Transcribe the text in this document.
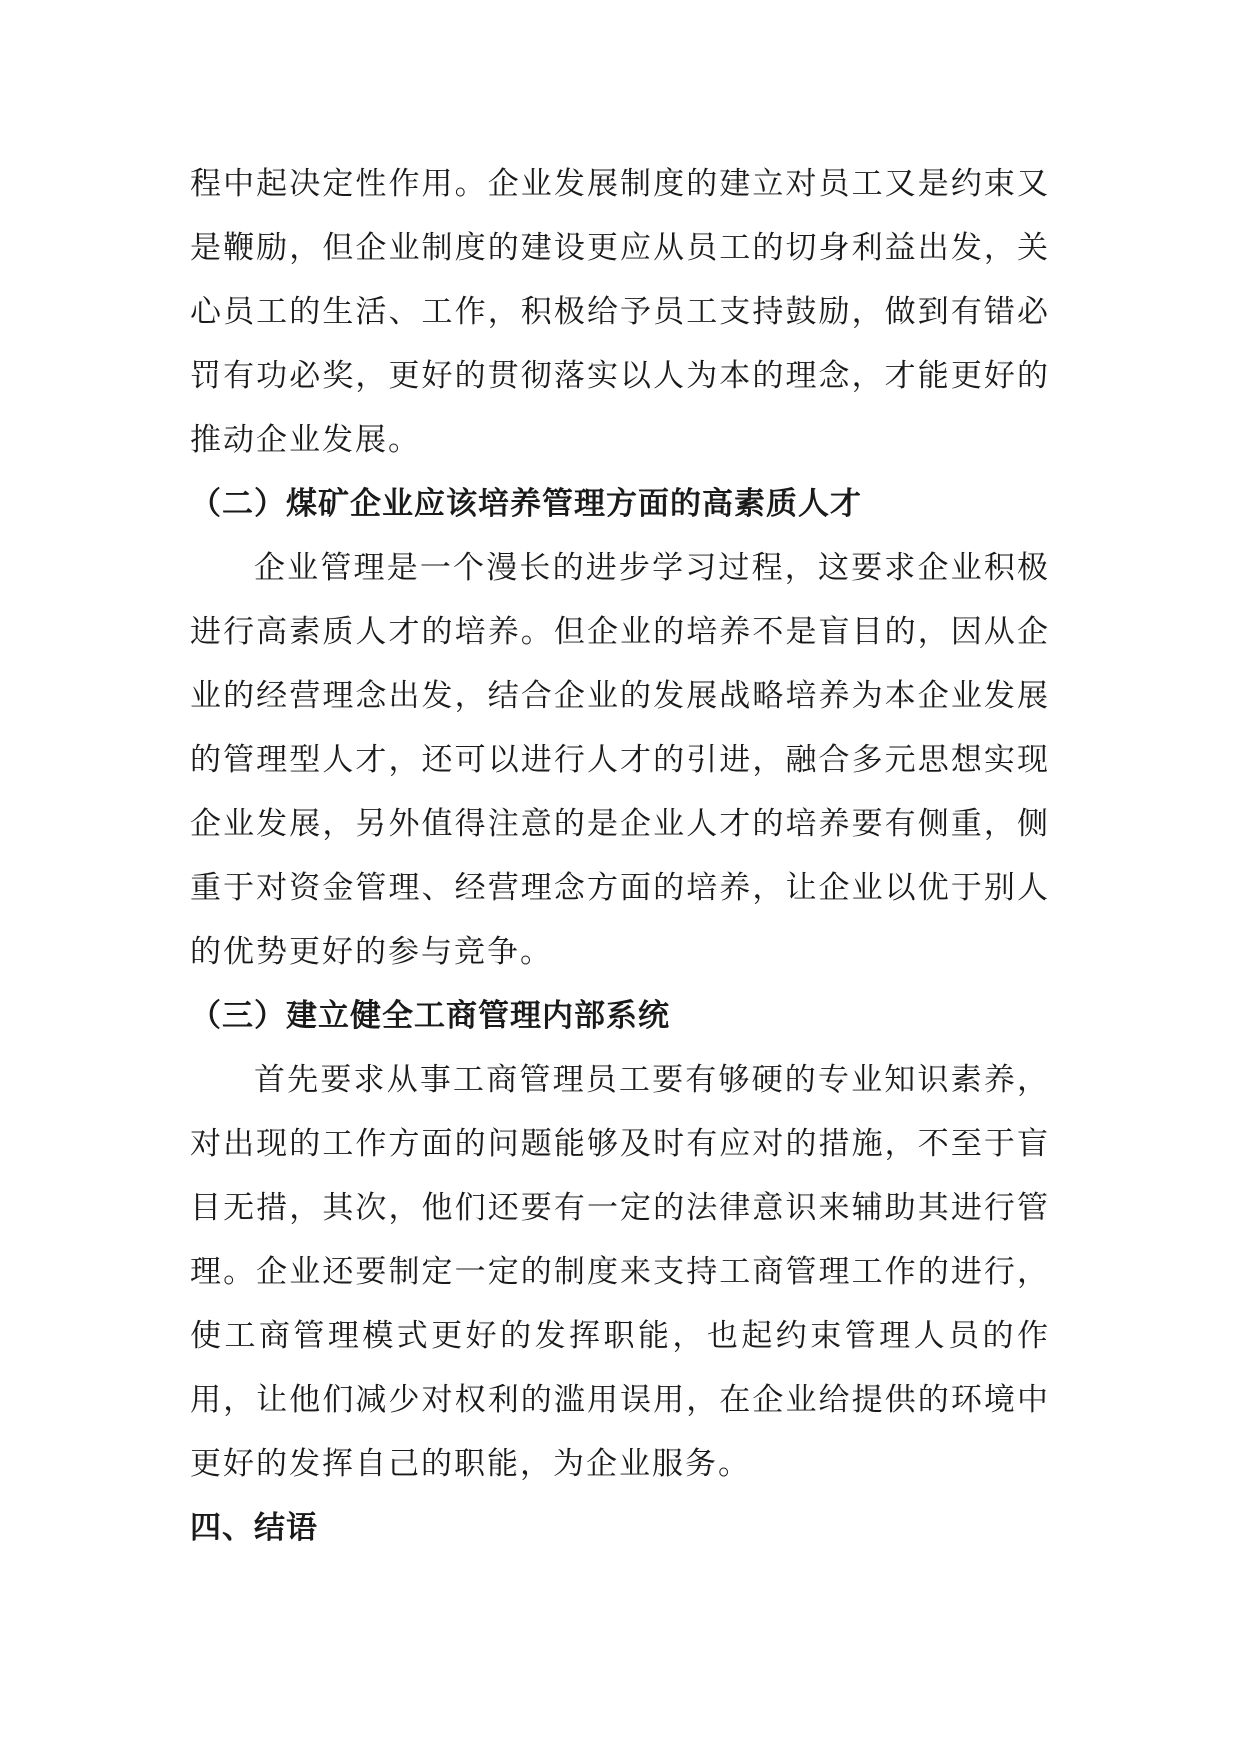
程中起决定性作用。企业发展制度的建立对员工又是约束又是鞭励，但企业制度的建设更应从员工的切身利益出发，关心员工的生活、工作，积极给予员工支持鼓励，做到有错必罚有功必奖，更好的贯彻落实以人为本的理念，才能更好的推动企业发展。

（二）煤矿企业应该培养管理方面的高素质人才

企业管理是一个漫长的进步学习过程，这要求企业积极进行高素质人才的培养。但企业的培养不是盲目的，因从企业的经营理念出发，结合企业的发展战略培养为本企业发展的管理型人才，还可以进行人才的引进，融合多元思想实现企业发展，另外值得注意的是企业人才的培养要有侧重，侧重于对资金管理、经营理念方面的培养，让企业以优于别人的优势更好的参与竞争。

（三）建立健全工商管理内部系统

首先要求从事工商管理员工要有够硬的专业知识素养，对出现的工作方面的问题能够及时有应对的措施，不至于盲目无措，其次，他们还要有一定的法律意识来辅助其进行管理。企业还要制定一定的制度来支持工商管理工作的进行，使工商管理模式更好的发挥职能，也起约束管理人员的作用，让他们减少对权利的滥用误用，在企业给提供的环境中更好的发挥自己的职能，为企业服务。

四、结语
